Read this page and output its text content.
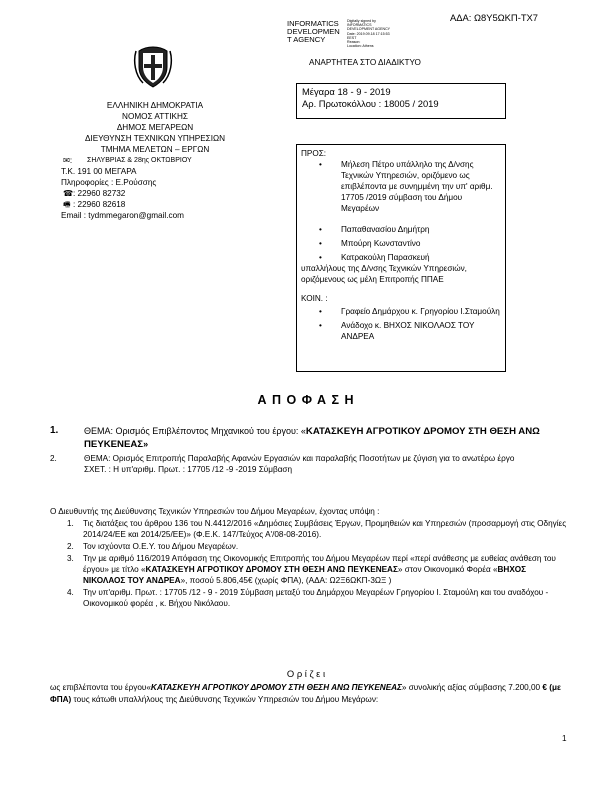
ΑΔΑ: Ω8Υ5ΩΚΠ-ΤΧ7
INFORMATICS
DEVELOPMEN
T AGENCY
Digitally signed by
INFORMATICS
DEVELOPMENT AGENCY
Date: 2019.09.18 17:15:53
EEST
Reason:
Location: Athens
ΑΝΑΡΤΗΤΕΑ ΣΤΟ ΔΙΑΔΙΚΤΥΟ
Μέγαρα 18 - 9 - 2019
Αρ. Πρωτοκόλλου : 18005 / 2019
ΕΛΛΗΝΙΚΗ ΔΗΜΟΚΡΑΤΙΑ
ΝΟΜΟΣ ΑΤΤΙΚΗΣ
ΔΗΜΟΣ ΜΕΓΑΡΕΩΝ
ΔΙΕΥΘΥΝΣΗ ΤΕΧΝΙΚΩΝ ΥΠΗΡΕΣΙΩΝ
ΤΜΗΜΑ ΜΕΛΕΤΩΝ – ΕΡΓΩΝ
✉: ΣΗΛΥΒΡΙΑΣ & 28ης ΟΚΤΩΒΡΙΟΥ
Τ.Κ. 191 00 ΜΕΓΑΡΑ
Πληροφορίες : Ε.Ρούσσης
☎ : 22960 82732
🖷 : 22960 82618
Email : tydmmegaron@gmail.com
ΠΡΟΣ:
• Μήλεση Πέτρο υπάλληλο της Δ/νσης Τεχνικών Υπηρεσιών, οριζόμενο ως επιβλέποντα με συνημμένη την υπ' αριθμ. 17705 /2019 σύμβαση του Δήμου Μεγαρέων
• Παπαθανασίου Δημήτρη
• Μπούρη Κωνσταντίνο
• Κατρακούλη Παρασκευή
υπαλλήλους της Δ/νσης Τεχνικών Υπηρεσιών, οριζόμενους ως μέλη Επιτροπής ΠΠΑΕ
ΚΟΙΝ. :
• Γραφείο Δημάρχου κ. Γρηγορίου Ι.Σταμούλη
• Ανάδοχο κ. ΒΗΧΟΣ ΝΙΚΟΛΑΟΣ ΤΟΥ ΑΝΔΡΕΑ
Α Π Ο Φ Α Σ Η
1.	ΘΕΜΑ: Ορισμός Επιβλέποντος Μηχανικού του έργου: «ΚΑΤΑΣΚΕΥΗ ΑΓΡΟΤΙΚΟΥ ΔΡΟΜΟΥ ΣΤΗ ΘΕΣΗ ΑΝΩ ΠΕΥΚΕΝΕΑΣ»
2.	ΘΕΜΑ: Ορισμός Επιτροπής Παραλαβής Αφανών Εργασιών και παραλαβής Ποσοτήτων με ζύγιση για το ανωτέρω έργο
ΣΧΕΤ. : Η υπ'αριθμ. Πρωτ. : 17705 /12 -9 -2019 Σύμβαση
Ο Διευθυντής της Διεύθυνσης Τεχνικών Υπηρεσιών του Δήμου Μεγαρέων, έχοντας υπόψη :
1. Τις διατάξεις του άρθρου 136 του Ν.4412/2016 «Δημόσιες Συμβάσεις Έργων, Προμηθειών και Υπηρεσιών (προσαρμογή στις Οδηγίες 2014/24/ΕΕ και 2014/25/ΕΕ)» (Φ.Ε.Κ. 147/Τεύχος Α'/08-08-2016).
2. Τον ισχύοντα Ο.Ε.Υ. του Δήμου Μεγαρέων.
3. Την με αριθμό 116/2019 Απόφαση της Οικονομικής Επιτροπής του Δήμου Μεγαρέων περί «περί ανάθεσης με ευθείας ανάθεση του έργου» με τίτλο «ΚΑΤΑΣΚΕΥΗ ΑΓΡΟΤΙΚΟΥ ΔΡΟΜΟΥ ΣΤΗ ΘΕΣΗ ΑΝΩ ΠΕΥΚΕΝΕΑΣ» στον Οικονομικό Φορέα «ΒΗΧΟΣ ΝΙΚΟΛΑΟΣ ΤΟΥ ΑΝΔΡΕΑ», ποσού 5.806,45€ (χωρίς ΦΠΑ), (ΑΔΑ: Ω2Ξ6ΩΚΠ-3ΩΞ )
4. Την υπ'αριθμ. Πρωτ. : 17705 /12 - 9 - 2019 Σύμβαση μεταξύ του Δημάρχου Μεγαρέων Γρηγορίου Ι. Σταμούλη και του αναδόχου - Οικονομικού φορέα , κ. Βήχου Νικόλαου.
Ο ρ ί ζ ε ι
ως επιβλέποντα του έργου«ΚΑΤΑΣΚΕΥΗ ΑΓΡΟΤΙΚΟΥ ΔΡΟΜΟΥ ΣΤΗ ΘΕΣΗ ΑΝΩ ΠΕΥΚΕΝΕΑΣ» συνολικής αξίας σύμβασης 7.200,00 € (με ΦΠΑ) τους κάτωθι υπαλλήλους της Διεύθυνσης Τεχνικών Υπηρεσιών του Δήμου Μεγάρων:
1
